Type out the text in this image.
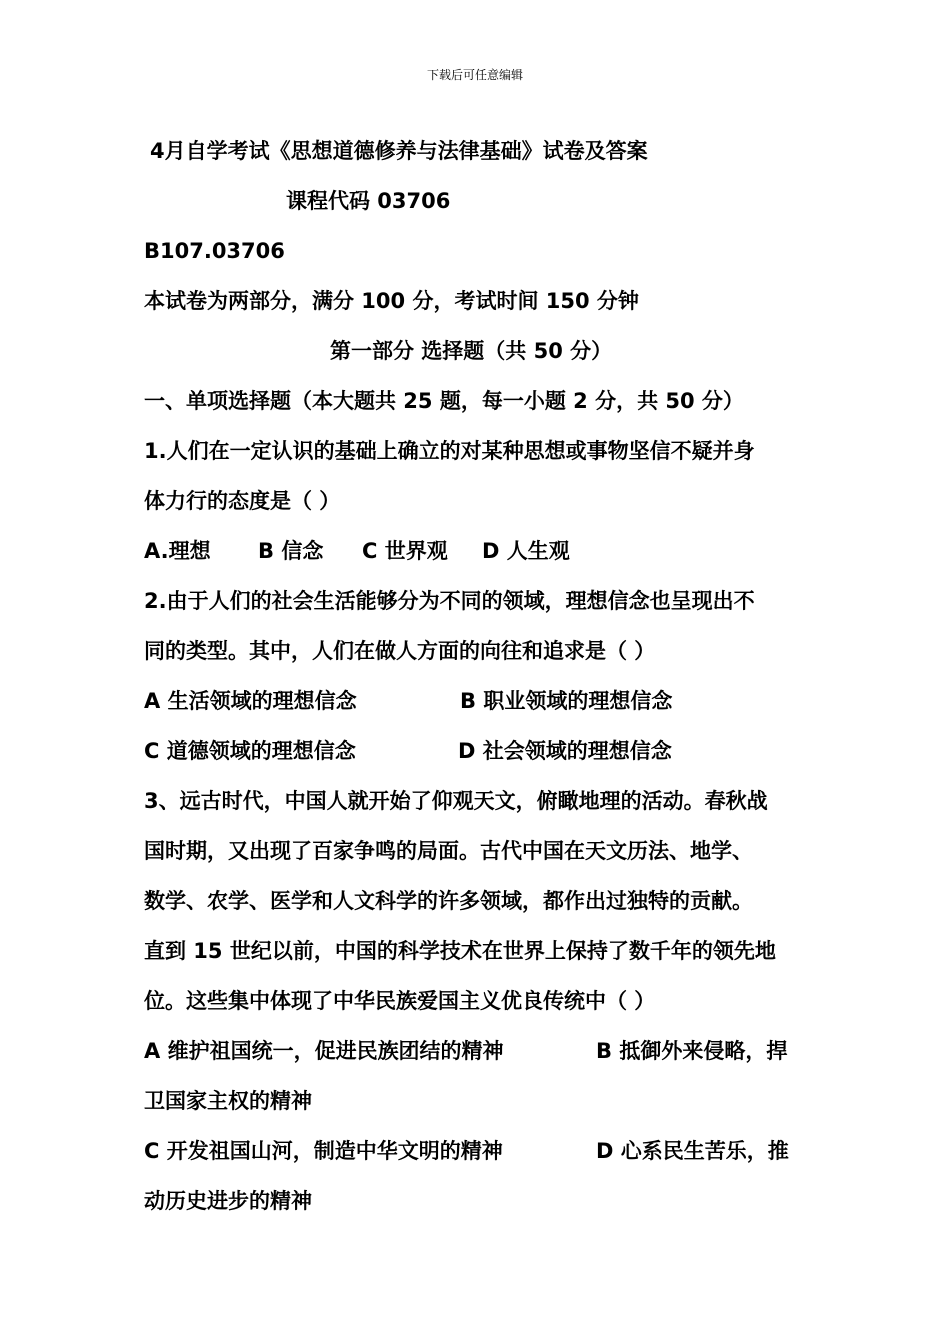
下载后可任意编辑
4月自学考试《思想道德修养与法律基础》试卷及答案
课程代码 03706
B107.03706
本试卷为两部分，满分 100 分，考试时间 150 分钟
第一部分 选择题（共 50 分）
一、单项选择题（本大题共 25 题，每一小题 2 分，共 50 分）
1.人们在一定认识的基础上确立的对某种思想或事物坚信不疑并身
体力行的态度是（ ）
A.理想 B 信念 C 世界观 D 人生观
2.由于人们的社会生活能够分为不同的领域，理想信念也呈现出不
同的类型。其中，人们在做人方面的向往和追求是（ ）
A 生活领域的理想信念	B 职业领域的理想信念
C 道德领域的理想信念	D 社会领域的理想信念
3、远古时代，中国人就开始了仰观天文，俯瞰地理的活动。春秋战
国时期，又出现了百家争鸣的局面。古代中国在天文历法、地学、
数学、农学、医学和人文科学的许多领域，都作出过独特的贡献。
直到 15 世纪以前，中国的科学技术在世界上保持了数千年的领先地
位。这些集中体现了中华民族爱国主义优良传统中（ ）
A 维护祖国统一，促进民族团结的精神	B 抵御外来侵略，捍
卫国家主权的精神
C 开发祖国山河，制造中华文明的精神	D 心系民生苦乐，推
动历史进步的精神
